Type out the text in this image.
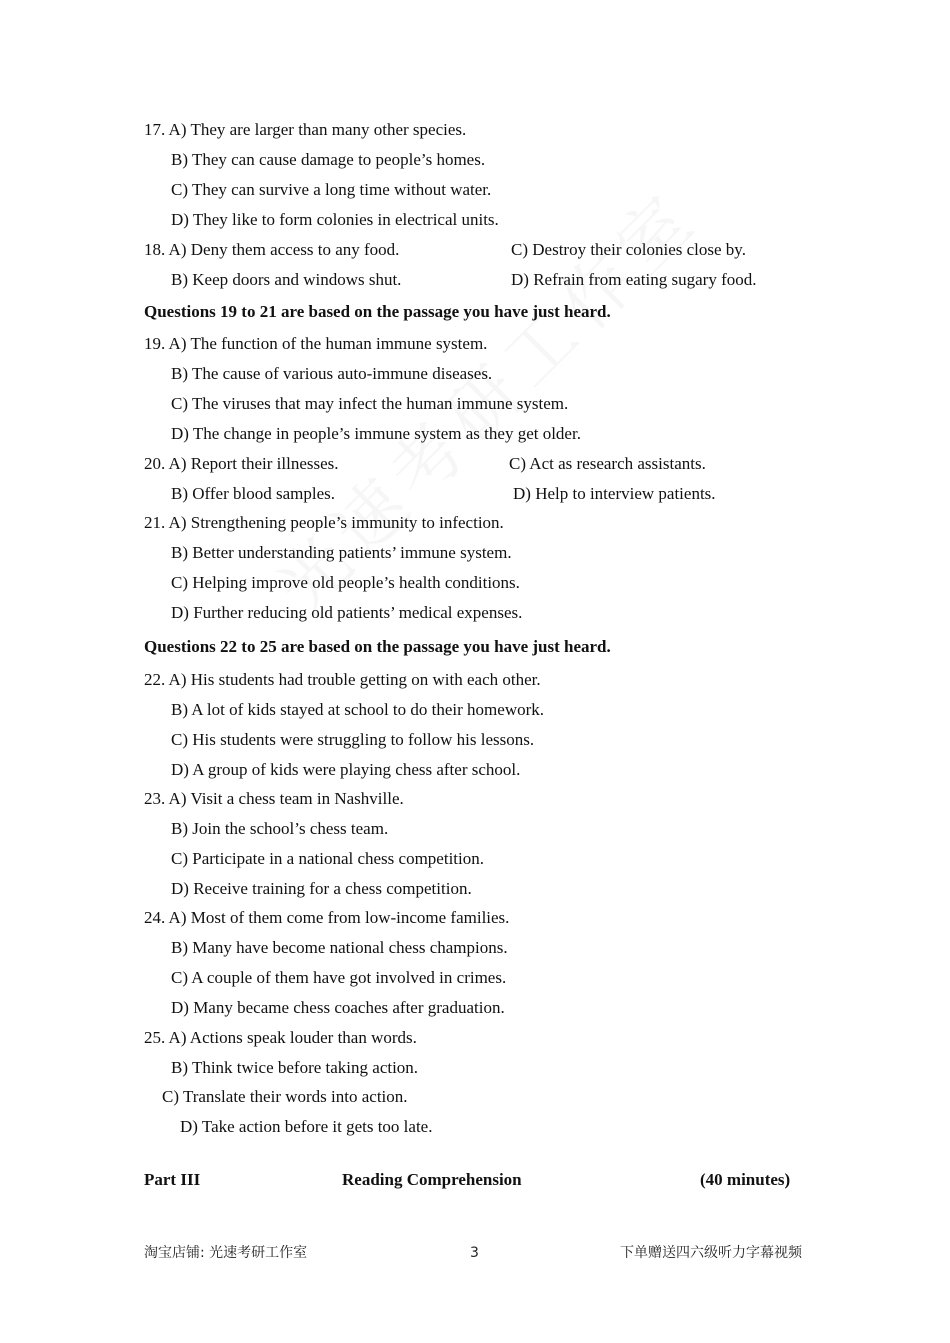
17. A) They are larger than many other species.
B) They can cause damage to people’s homes.
C) They can survive a long time without water.
D) They like to form colonies in electrical units.
18. A) Deny them access to any food.	C) Destroy their colonies close by.
B) Keep doors and windows shut.	D) Refrain from eating sugary food.
Questions 19 to 21 are based on the passage you have just heard.
19. A) The function of the human immune system.
B) The cause of various auto-immune diseases.
C) The viruses that may infect the human immune system.
D) The change in people’s immune system as they get older.
20. A) Report their illnesses.	C) Act as research assistants.
B) Offer blood samples.	D) Help to interview patients.
21. A) Strengthening people’s immunity to infection.
B) Better understanding patients’ immune system.
C) Helping improve old people’s health conditions.
D) Further reducing old patients’ medical expenses.
Questions 22 to 25 are based on the passage you have just heard.
22. A) His students had trouble getting on with each other.
B) A lot of kids stayed at school to do their homework.
C) His students were struggling to follow his lessons.
D) A group of kids were playing chess after school.
23. A) Visit a chess team in Nashville.
B) Join the school’s chess team.
C) Participate in a national chess competition.
D) Receive training for a chess competition.
24. A) Most of them come from low-income families.
B) Many have become national chess champions.
C) A couple of them have got involved in crimes.
D) Many became chess coaches after graduation.
25. A) Actions speak louder than words.
B) Think twice before taking action.
C) Translate their words into action.
D) Take action before it gets too late.
Part III	Reading Comprehension	(40 minutes)
淘宝店铺: 光速考研工作室	3	下单赠送四六级听力字幕视频
